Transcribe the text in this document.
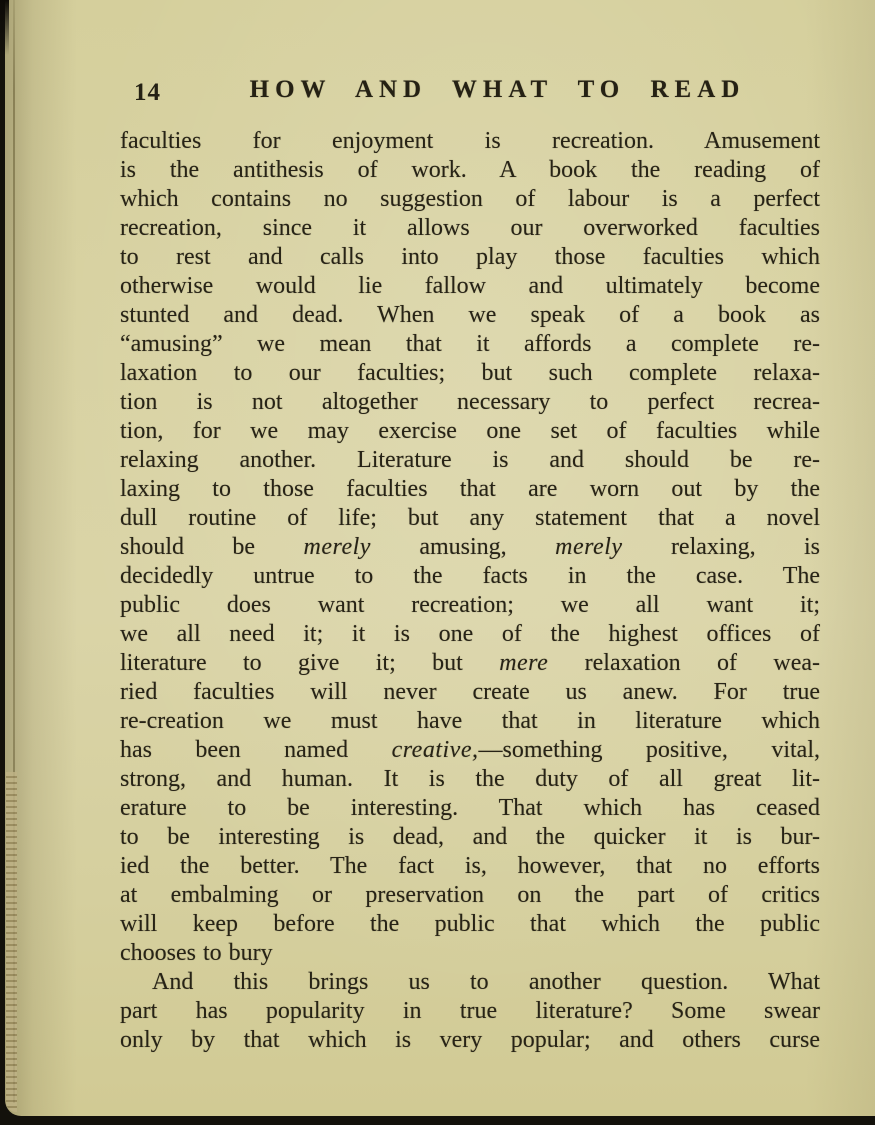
14	HOW AND WHAT TO READ
faculties for enjoyment is recreation. Amusement
is the antithesis of work. A book the reading of
which contains no suggestion of labour is a perfect
recreation, since it allows our overworked faculties
to rest and calls into play those faculties which
otherwise would lie fallow and ultimately become
stunted and dead. When we speak of a book as
“amusing” we mean that it affords a complete re-
laxation to our faculties; but such complete relaxa-
tion is not altogether necessary to perfect recrea-
tion, for we may exercise one set of faculties while
relaxing another. Literature is and should be re-
laxing to those faculties that are worn out by the
dull routine of life; but any statement that a novel
should be merely amusing, merely relaxing, is
decidedly untrue to the facts in the case. The
public does want recreation; we all want it;
we all need it; it is one of the highest offices of
literature to give it; but mere relaxation of wea-
ried faculties will never create us anew. For true
re-creation we must have that in literature which
has been named creative,—something positive, vital,
strong, and human. It is the duty of all great lit-
erature to be interesting. That which has ceased
to be interesting is dead, and the quicker it is bur-
ied the better. The fact is, however, that no efforts
at embalming or preservation on the part of critics
will keep before the public that which the public
chooses to bury
And this brings us to another question. What
part has popularity in true literature? Some swear
only by that which is very popular; and others curse
